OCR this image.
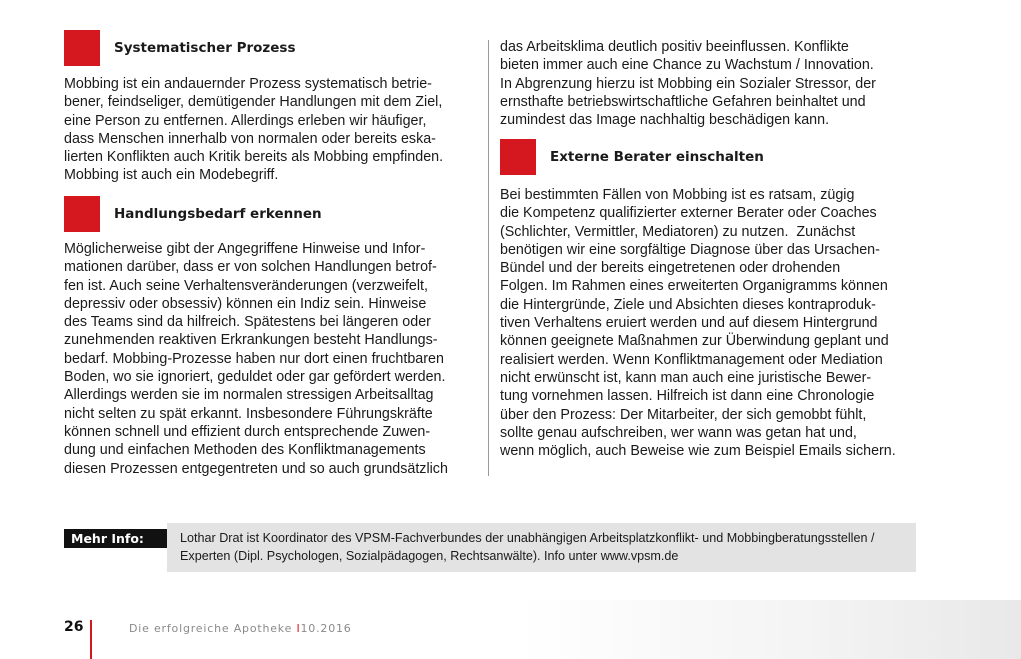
Systematischer Prozess

Mobbing ist ein andauernder Prozess systematisch betrie-
bener, feindseliger, demütigender Handlungen mit dem Ziel,
eine Person zu entfernen. Allerdings erleben wir häufiger,
dass Menschen innerhalb von normalen oder bereits eska-
lierten Konflikten auch Kritik bereits als Mobbing empfinden.
Mobbing ist auch ein Modebegriff.

Handlungsbedarf erkennen

Möglicherweise gibt der Angegriffene Hinweise und Infor-
mationen darüber, dass er von solchen Handlungen betrof-
fen ist. Auch seine Verhaltensveränderungen (verzweifelt,
depressiv oder obsessiv) können ein Indiz sein. Hinweise
des Teams sind da hilfreich. Spätestens bei längeren oder
zunehmenden reaktiven Erkrankungen besteht Handlungs-
bedarf. Mobbing-Prozesse haben nur dort einen fruchtbaren
Boden, wo sie ignoriert, geduldet oder gar gefördert werden.
Allerdings werden sie im normalen stressigen Arbeitsalltag
nicht selten zu spät erkannt. Insbesondere Führungskräfte
können schnell und effizient durch entsprechende Zuwen-
dung und einfachen Methoden des Konfliktmanagements
diesen Prozessen entgegentreten und so auch grundsätzlich

das Arbeitsklima deutlich positiv beeinflussen. Konflikte
bieten immer auch eine Chance zu Wachstum / Innovation.
In Abgrenzung hierzu ist Mobbing ein Sozialer Stressor, der
ernsthafte betriebswirtschaftliche Gefahren beinhaltet und
zumindest das Image nachhaltig beschädigen kann.

Externe Berater einschalten

Bei bestimmten Fällen von Mobbing ist es ratsam, zügig
die Kompetenz qualifizierter externer Berater oder Coaches
(Schlichter, Vermittler, Mediatoren) zu nutzen.  Zunächst
benötigen wir eine sorgfältige Diagnose über das Ursachen-
Bündel und der bereits eingetretenen oder drohenden
Folgen. Im Rahmen eines erweiterten Organigramms können
die Hintergründe, Ziele und Absichten dieses kontraproduk-
tiven Verhaltens eruiert werden und auf diesem Hintergrund
können geeignete Maßnahmen zur Überwindung geplant und
realisiert werden. Wenn Konfliktmanagement oder Mediation
nicht erwünscht ist, kann man auch eine juristische Bewer-
tung vornehmen lassen. Hilfreich ist dann eine Chronologie
über den Prozess: Der Mitarbeiter, der sich gemobbt fühlt,
sollte genau aufschreiben, wer wann was getan hat und,
wenn möglich, auch Beweise wie zum Beispiel Emails sichern.

Lothar Drat ist Koordinator des VPSM-Fachverbundes der unabhängigen Arbeitsplatzkonflikt- und Mobbingberatungsstellen /
Experten (Dipl. Psychologen, Sozialpädagogen, Rechtsanwälte). Info unter www.vpsm.de
Mehr Info:
26	Die erfolgreiche Apotheke I10.2016
